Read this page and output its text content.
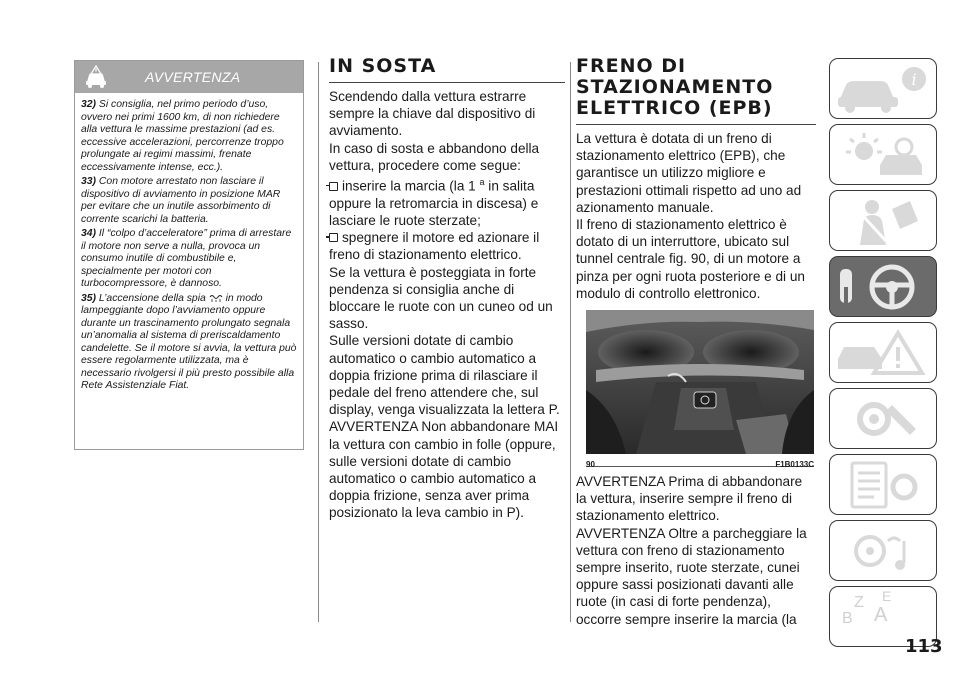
AVVERTENZA

32) Si consiglia, nel primo periodo d’uso, ovvero nei primi 1600 km, di non richiedere alla vettura le massime prestazioni (ad es. eccessive accelerazioni, percorrenze troppo prolungate ai regimi massimi, frenate eccessivamente intense, ecc.).

33) Con motore arrestato non lasciare il dispositivo di avviamento in posizione MAR per evitare che un inutile assorbimento di corrente scarichi la batteria.

34) Il “colpo d’acceleratore” prima di arrestare il motore non serve a nulla, provoca un consumo inutile di combustibile e, specialmente per motori con turbocompressore, è dannoso.

35) L’accensione della spia in modo lampeggiante dopo l’avviamento oppure durante un trascinamento prolungato segnala un’anomalia al sistema di preriscaldamento candelette. Se il motore si avvia, la vettura può essere regolarmente utilizzata, ma è necessario rivolgersi il più presto possibile alla Rete Assistenziale Fiat.

IN SOSTA

Scendendo dalla vettura estrarre sempre la chiave dal dispositivo di avviamento.

In caso di sosta e abbandono della vettura, procedere come segue:

inserire la marcia (la 1 $^a$ in salita oppure la retromarcia in discesa) e lasciare le ruote sterzate;

spegnere il motore ed azionare il freno di stazionamento elettrico.

Se la vettura è posteggiata in forte pendenza si consiglia anche di bloccare le ruote con un cuneo od un sasso.

Sulle versioni dotate di cambio automatico o cambio automatico a doppia frizione prima di rilasciare il pedale del freno attendere che, sul display, venga visualizzata la lettera P.

AVVERTENZA Non abbandonare MAI la vettura con cambio in folle (oppure, sulle versioni dotate di cambio automatico o cambio automatico a doppia frizione, senza aver prima posizionato la leva cambio in P).

FRENO DI
STAZIONAMENTO
ELETTRICO (EPB)

La vettura è dotata di un freno di stazionamento elettrico (EPB), che garantisce un utilizzo migliore e prestazioni ottimali rispetto ad uno ad azionamento manuale.

Il freno di stazionamento elettrico è dotato di un interruttore, ubicato sul tunnel centrale fig. 90, di un motore a pinza per ogni ruota posteriore e di un modulo di controllo elettronico.

90	F1B0133C

AVVERTENZA Prima di abbandonare la vettura, inserire sempre il freno di stazionamento elettrico.

AVVERTENZA Oltre a parcheggiare la vettura con freno di stazionamento sempre inserito, ruote sterzate, cunei oppure sassi posizionati davanti alle ruote (in casi di forte pendenza), occorre sempre inserire la marcia (la

i
Z E
B A
113
